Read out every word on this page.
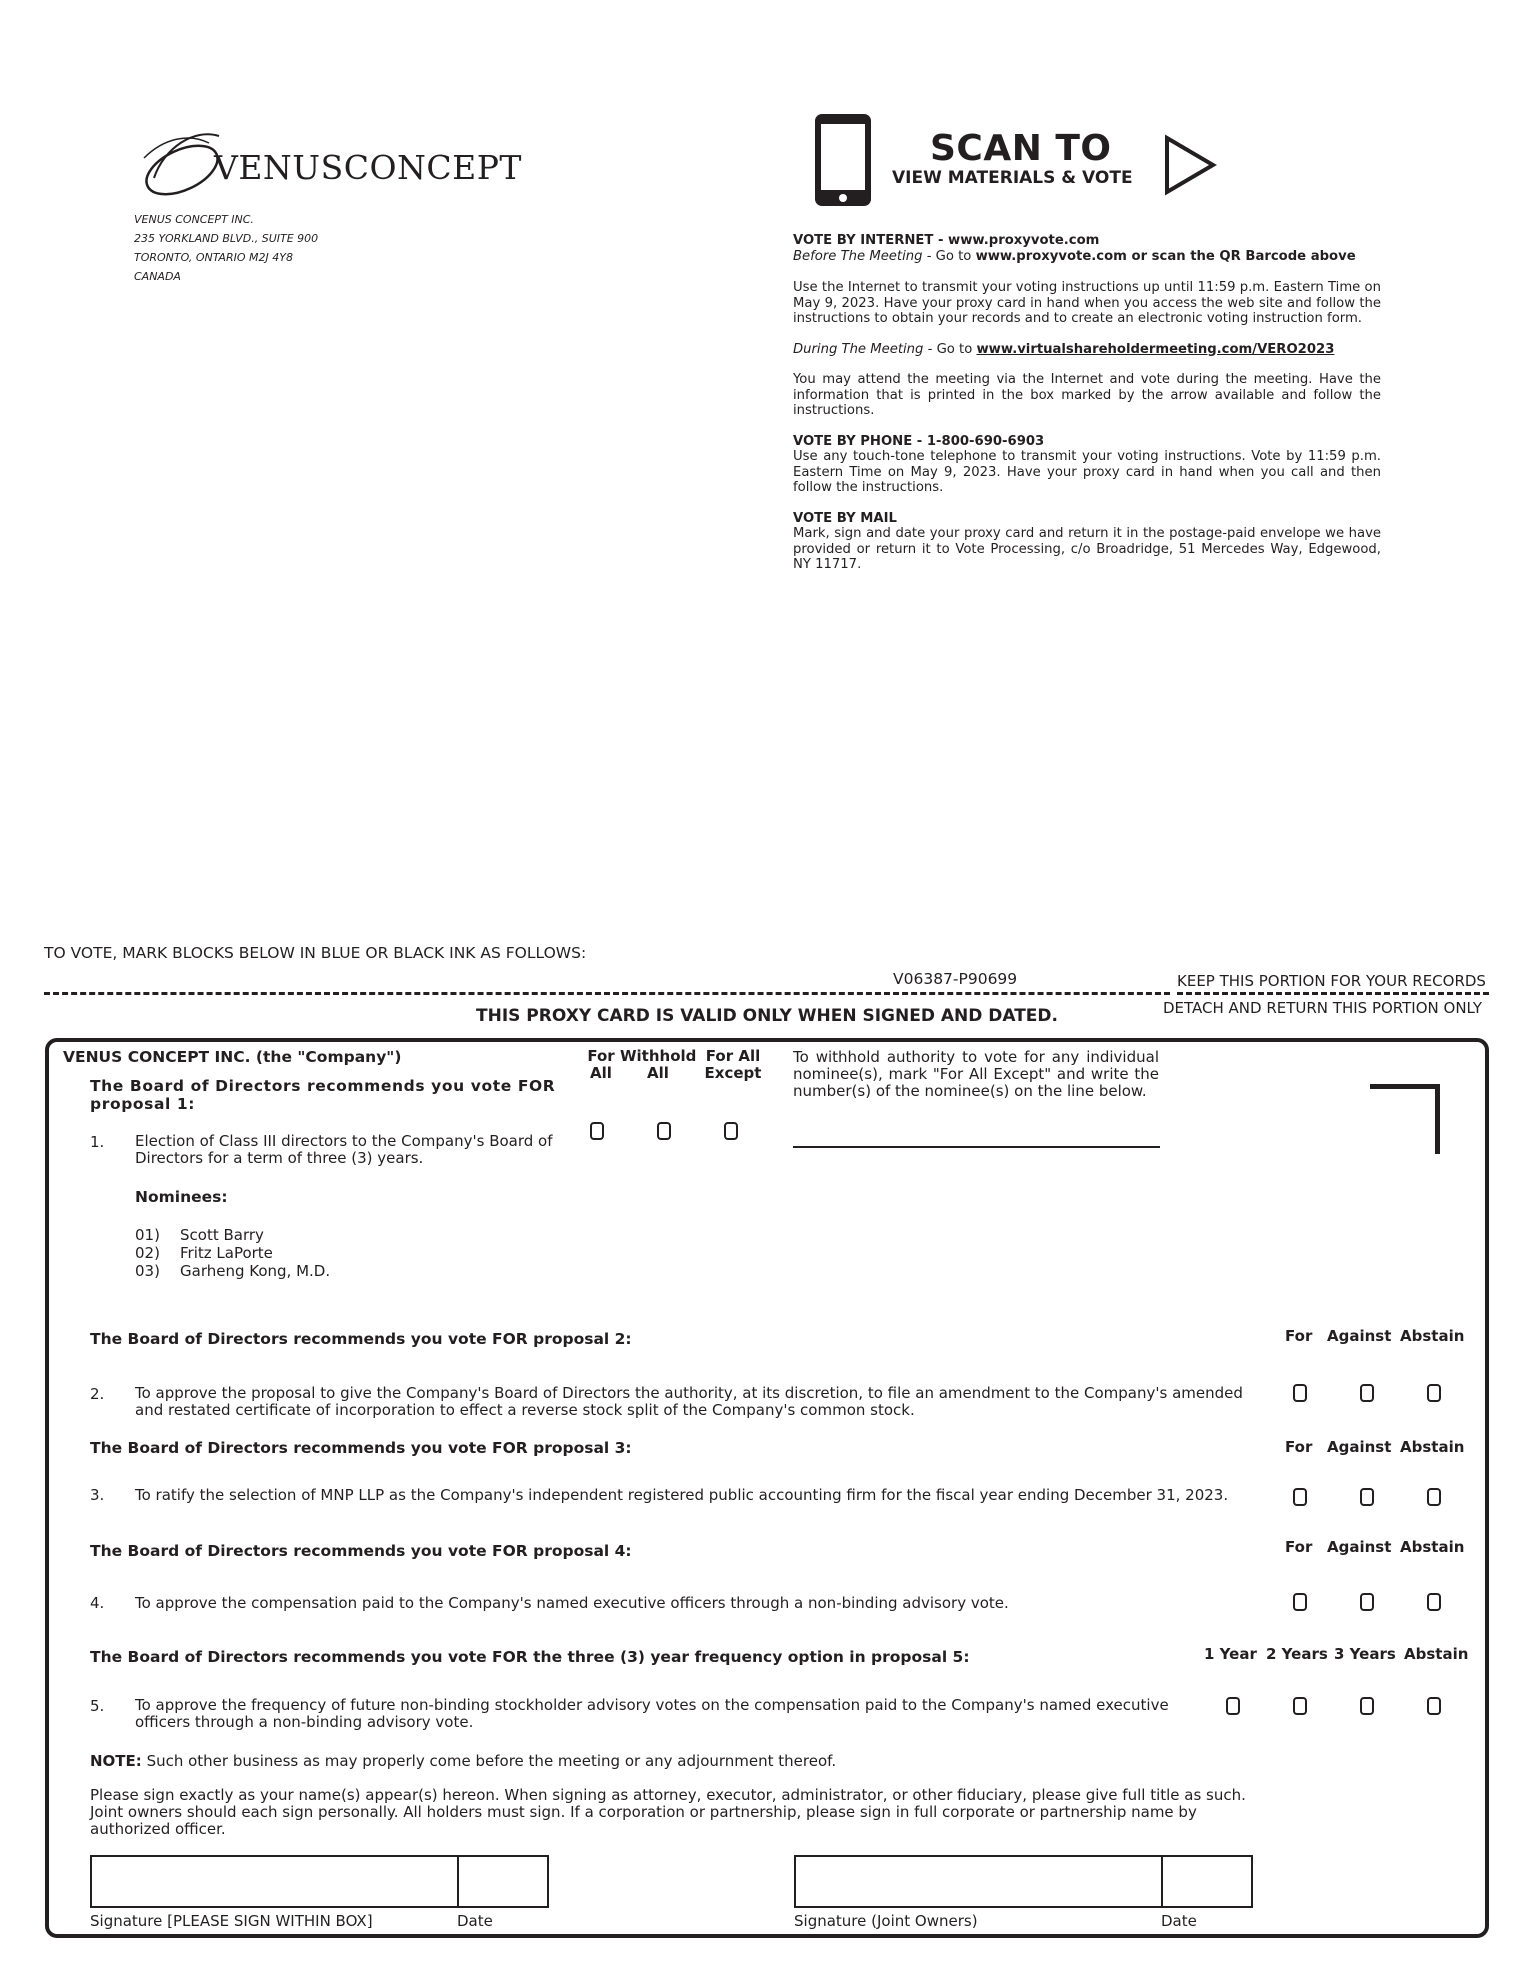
VENUSCONCEPT
VENUS CONCEPT INC.
235 YORKLAND BLVD., SUITE 900
TORONTO, ONTARIO M2J 4Y8
CANADA
SCAN TO
VIEW MATERIALS & VOTE

VOTE BY INTERNET - www.proxyvote.com

Before The Meeting - Go to www.proxyvote.com or scan the QR Barcode above

Use the Internet to transmit your voting instructions up until 11:59 p.m. Eastern Time on May 9, 2023. Have your proxy card in hand when you access the web site and follow the instructions to obtain your records and to create an electronic voting instruction form.

During The Meeting - Go to www.virtualshareholdermeeting.com/VERO2023

You may attend the meeting via the Internet and vote during the meeting. Have the information that is printed in the box marked by the arrow available and follow the instructions.

VOTE BY PHONE - 1-800-690-6903

Use any touch-tone telephone to transmit your voting instructions. Vote by 11:59 p.m. Eastern Time on May 9, 2023. Have your proxy card in hand when you call and then follow the instructions.

VOTE BY MAIL

Mark, sign and date your proxy card and return it in the postage-paid envelope we have provided or return it to Vote Processing, c/o Broadridge, 51 Mercedes Way, Edgewood, NY 11717.

TO VOTE, MARK BLOCKS BELOW IN BLUE OR BLACK INK AS FOLLOWS:
V06387-P90699	KEEP THIS PORTION FOR YOUR RECORDS
DETACH AND RETURN THIS PORTION ONLY
THIS PROXY CARD IS VALID ONLY WHEN SIGNED AND DATED.
VENUS CONCEPT INC. (the "Company")
The Board of Directors recommends you vote FOR proposal 1:
For
All
Withhold
All
For All
Except
To withhold authority to vote for any individual nominee(s), mark "For All Except" and write the number(s) of the nominee(s) on the line below.
1. Election of Class III directors to the Company's Board of Directors for a term of three (3) years.
Nominees:
01) Scott Barry
02) Fritz LaPorte
03) Garheng Kong, M.D.
The Board of Directors recommends you vote FOR proposal 2:	For Against Abstain
2. To approve the proposal to give the Company's Board of Directors the authority, at its discretion, to file an amendment to the Company's amended and restated certificate of incorporation to effect a reverse stock split of the Company's common stock.
The Board of Directors recommends you vote FOR proposal 3:	For Against Abstain
3. To ratify the selection of MNP LLP as the Company's independent registered public accounting firm for the fiscal year ending December 31, 2023.
The Board of Directors recommends you vote FOR proposal 4:	For Against Abstain
4. To approve the compensation paid to the Company's named executive officers through a non-binding advisory vote.
The Board of Directors recommends you vote FOR the three (3) year frequency option in proposal 5:	1 Year 2 Years 3 Years Abstain
5. To approve the frequency of future non-binding stockholder advisory votes on the compensation paid to the Company's named executive officers through a non-binding advisory vote.
NOTE: Such other business as may properly come before the meeting or any adjournment thereof.
Please sign exactly as your name(s) appear(s) hereon. When signing as attorney, executor, administrator, or other fiduciary, please give full title as such. Joint owners should each sign personally. All holders must sign. If a corporation or partnership, please sign in full corporate or partnership name by authorized officer.
Signature [PLEASE SIGN WITHIN BOX]	Date	Signature (Joint Owners)	Date
